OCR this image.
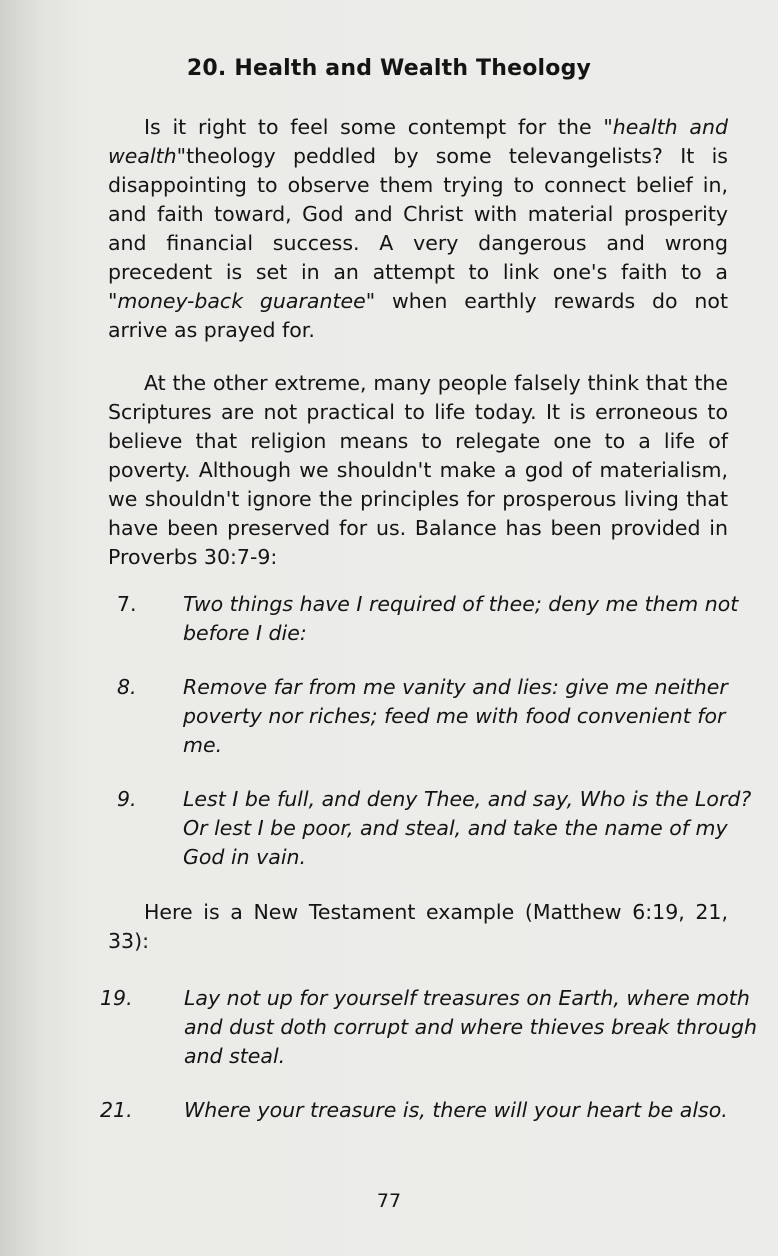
20. Health and Wealth Theology
Is it right to feel some contempt for the "health and wealth"theology peddled by some televangelists? It is disappointing to observe them trying to connect belief in, and faith toward, God and Christ with material prosperity and financial success. A very dangerous and wrong precedent is set in an attempt to link one's faith to a "money-back guarantee" when earthly rewards do not arrive as prayed for.
At the other extreme, many people falsely think that the Scriptures are not practical to life today. It is erroneous to believe that religion means to relegate one to a life of poverty. Although we shouldn't make a god of materialism, we shouldn't ignore the principles for prosperous living that have been preserved for us. Balance has been provided in Proverbs 30:7-9:
7. Two things have I required of thee; deny me them not before I die:
8. Remove far from me vanity and lies: give me neither poverty nor riches; feed me with food convenient for me.
9. Lest I be full, and deny Thee, and say, Who is the Lord? Or lest I be poor, and steal, and take the name of my God in vain.
Here is a New Testament example (Matthew 6:19, 21, 33):
19.	Lay not up for yourself treasures on Earth, where moth and dust doth corrupt and where thieves break through and steal.
21.	Where your treasure is, there will your heart be also.
77
